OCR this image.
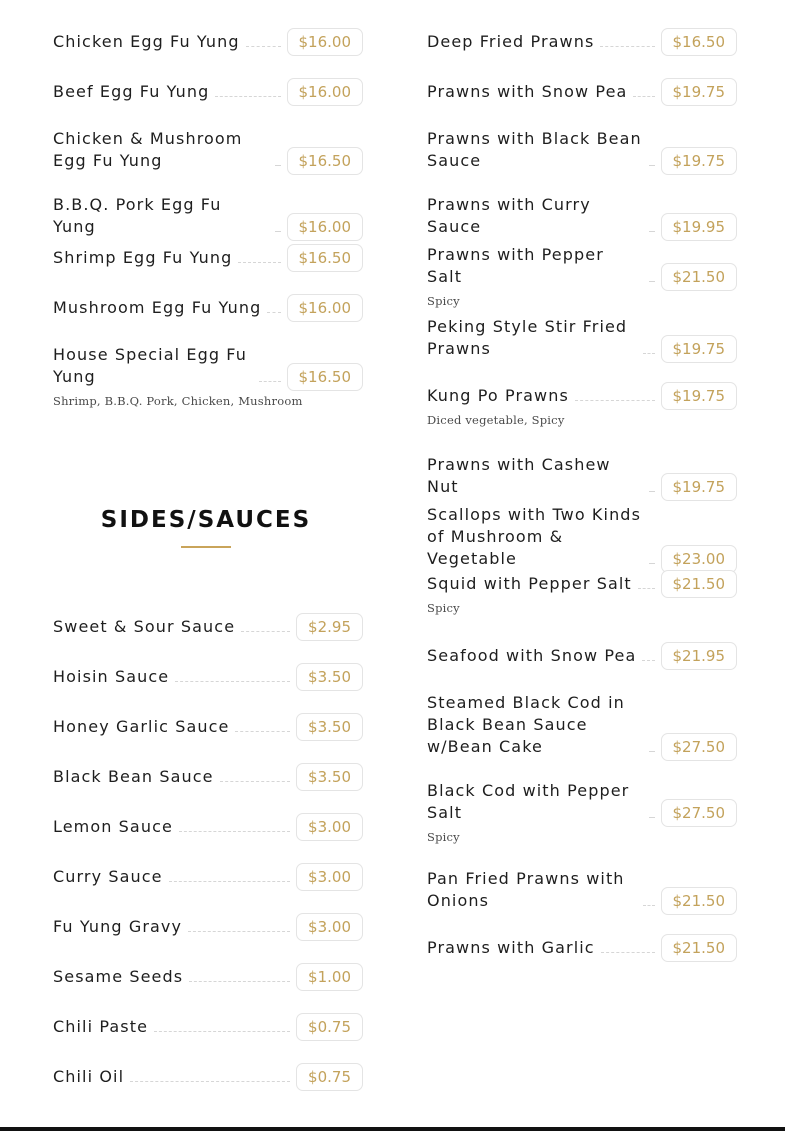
Chicken Egg Fu Yung	$16.00
Beef Egg Fu Yung	$16.00
Chicken & Mushroom Egg Fu Yung	$16.50
B.B.Q. Pork Egg Fu Yung	$16.00
Shrimp Egg Fu Yung	$16.50
Mushroom Egg Fu Yung	$16.00
House Special Egg Fu Yung	$16.50
Shrimp, B.B.Q. Pork, Chicken, Mushroom
SIDES/SAUCES
Sweet & Sour Sauce	$2.95
Hoisin Sauce	$3.50
Honey Garlic Sauce	$3.50
Black Bean Sauce	$3.50
Lemon Sauce	$3.00
Curry Sauce	$3.00
Fu Yung Gravy	$3.00
Sesame Seeds	$1.00
Chili Paste	$0.75
Chili Oil	$0.75
Deep Fried Prawns	$16.50
Prawns with Snow Pea	$19.75
Prawns with Black Bean Sauce	$19.75
Prawns with Curry Sauce	$19.95
Prawns with Pepper Salt	$21.50
Spicy
Peking Style Stir Fried Prawns	$19.75
Kung Po Prawns	$19.75
Diced vegetable, Spicy
Prawns with Cashew Nut	$19.75
Scallops with Two Kinds of Mushroom & Vegetable	$23.00
Squid with Pepper Salt	$21.50
Spicy
Seafood with Snow Pea	$21.95
Steamed Black Cod in Black Bean Sauce w/Bean Cake	$27.50
Black Cod with Pepper Salt	$27.50
Spicy
Pan Fried Prawns with Onions	$21.50
Prawns with Garlic	$21.50
